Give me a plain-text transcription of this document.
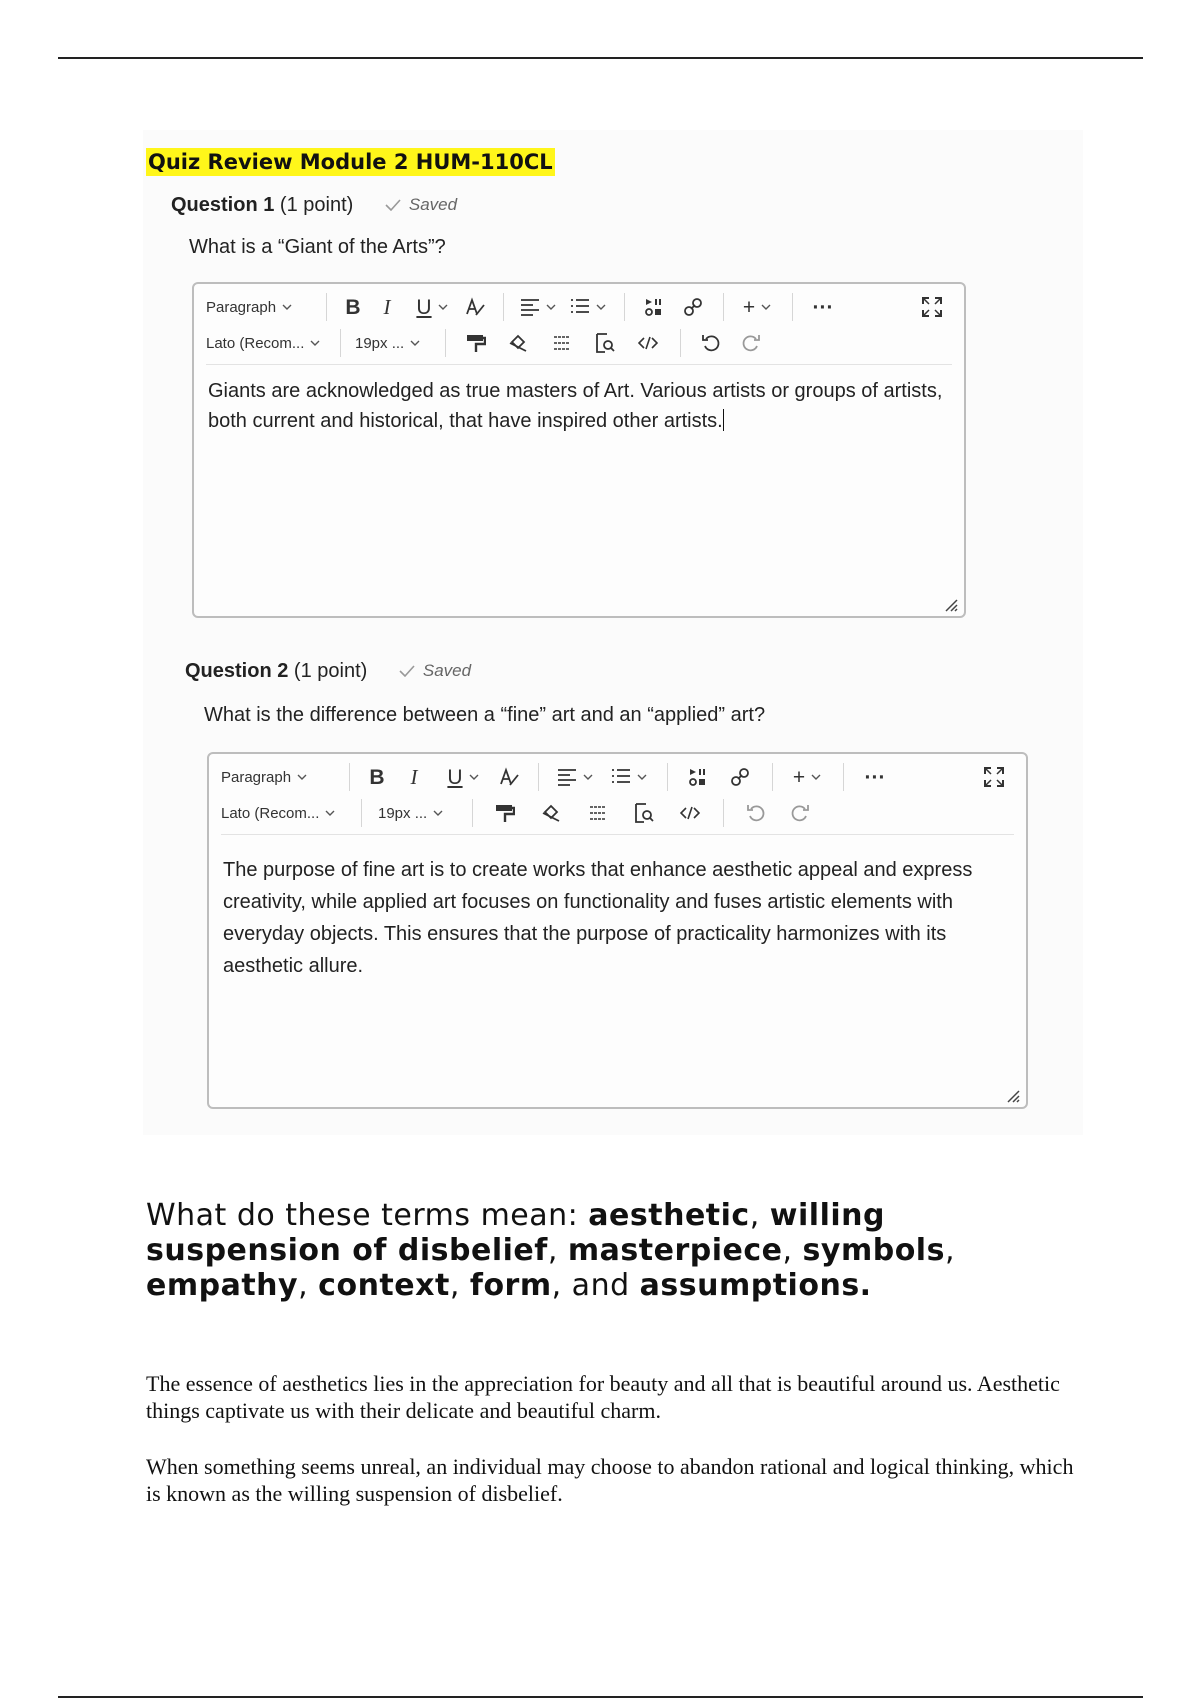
Quiz Review Module 2 HUM-110CL
Question 1 (1 point)	Saved
What is a “Giant of the Arts”?
Paragraph	B I U	+	···
Lato (Recom...	19px ...
Giants are acknowledged as true masters of Art. Various artists or groups of artists, both current and historical, that have inspired other artists.
Question 2 (1 point)	Saved
What is the difference between a “fine” art and an “applied” art?
Paragraph	B I U	+	···
Lato (Recom...	19px ...
The purpose of fine art is to create works that enhance aesthetic appeal and express creativity, while applied art focuses on functionality and fuses artistic elements with everyday objects. This ensures that the purpose of practicality harmonizes with its aesthetic allure.
What do these terms mean: aesthetic, willing suspension of disbelief, masterpiece, symbols, empathy, context, form, and assumptions.
The essence of aesthetics lies in the appreciation for beauty and all that is beautiful around us. Aesthetic things captivate us with their delicate and beautiful charm.
When something seems unreal, an individual may choose to abandon rational and logical thinking, which is known as the willing suspension of disbelief.
